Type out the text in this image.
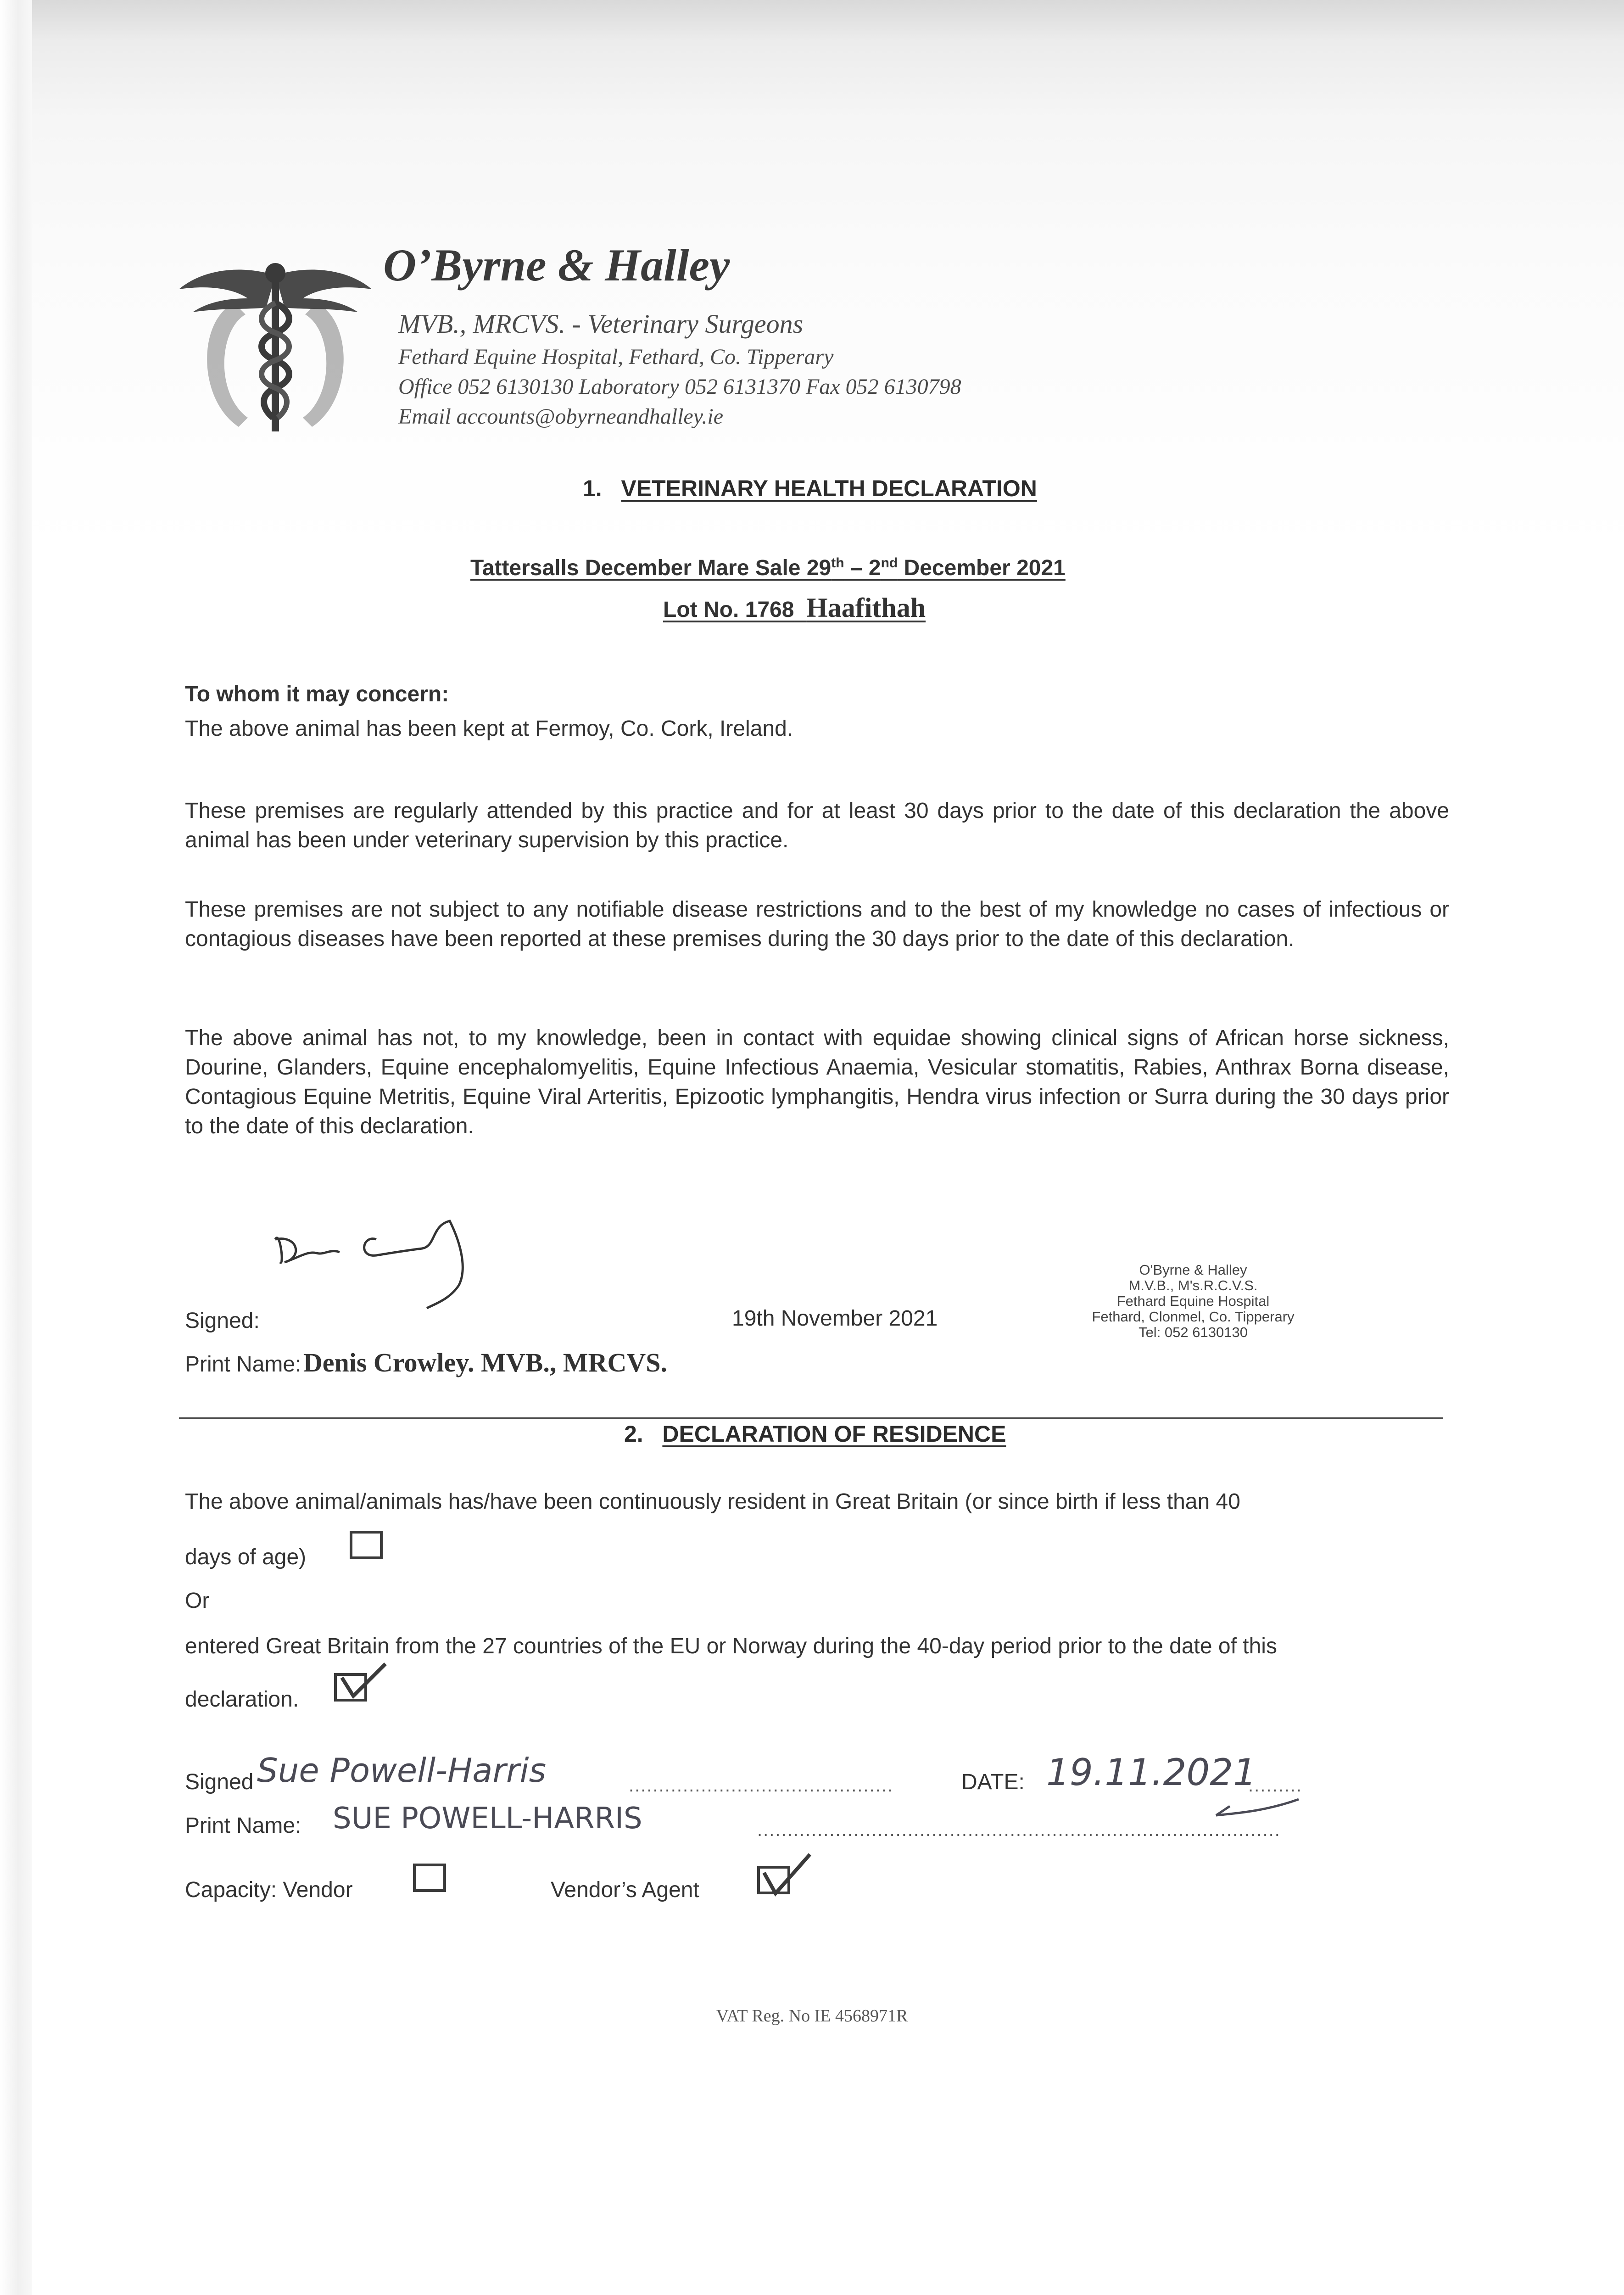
O’Byrne & Halley
MVB., MRCVS. - Veterinary Surgeons
Fethard Equine Hospital, Fethard, Co. Tipperary
Office 052 6130130 Laboratory 052 6131370 Fax 052 6130798
Email accounts@obyrneandhalley.ie
1. VETERINARY HEALTH DECLARATION
Tattersalls December Mare Sale 29th – 2nd December 2021
Lot No. 1768 Haafithah
To whom it may concern:
The above animal has been kept at Fermoy, Co. Cork, Ireland.
These premises are regularly attended by this practice and for at least 30 days prior to the date of this declaration the above animal has been under veterinary supervision by this practice.
These premises are not subject to any notifiable disease restrictions and to the best of my knowledge no cases of infectious or contagious diseases have been reported at these premises during the 30 days prior to the date of this declaration.
The above animal has not, to my knowledge, been in contact with equidae showing clinical signs of African horse sickness, Dourine, Glanders, Equine encephalomyelitis, Equine Infectious Anaemia, Vesicular stomatitis, Rabies, Anthrax Borna disease, Contagious Equine Metritis, Equine Viral Arteritis, Epizootic lymphangitis, Hendra virus infection or Surra during the 30 days prior to the date of this declaration.
Signed:	19th November 2021
Print Name: Denis Crowley. MVB., MRCVS.
O'Byrne & Halley
M.V.B., M's.R.C.V.S.
Fethard Equine Hospital
Fethard, Clonmel, Co. Tipperary
Tel: 052 6130130
2. DECLARATION OF RESIDENCE
The above animal/animals has/have been continuously resident in Great Britain (or since birth if less than 40
days of age)
Or
entered Great Britain from the 27 countries of the EU or Norway during the 40-day period prior to the date of this
declaration.
Signed Sue Powell-Harris	............................................	DATE: 19.11.2021
.........
Print Name: SUE POWELL-HARRIS	.......................................................................................
Capacity: Vendor	Vendor’s Agent
VAT Reg. No IE 4568971R
